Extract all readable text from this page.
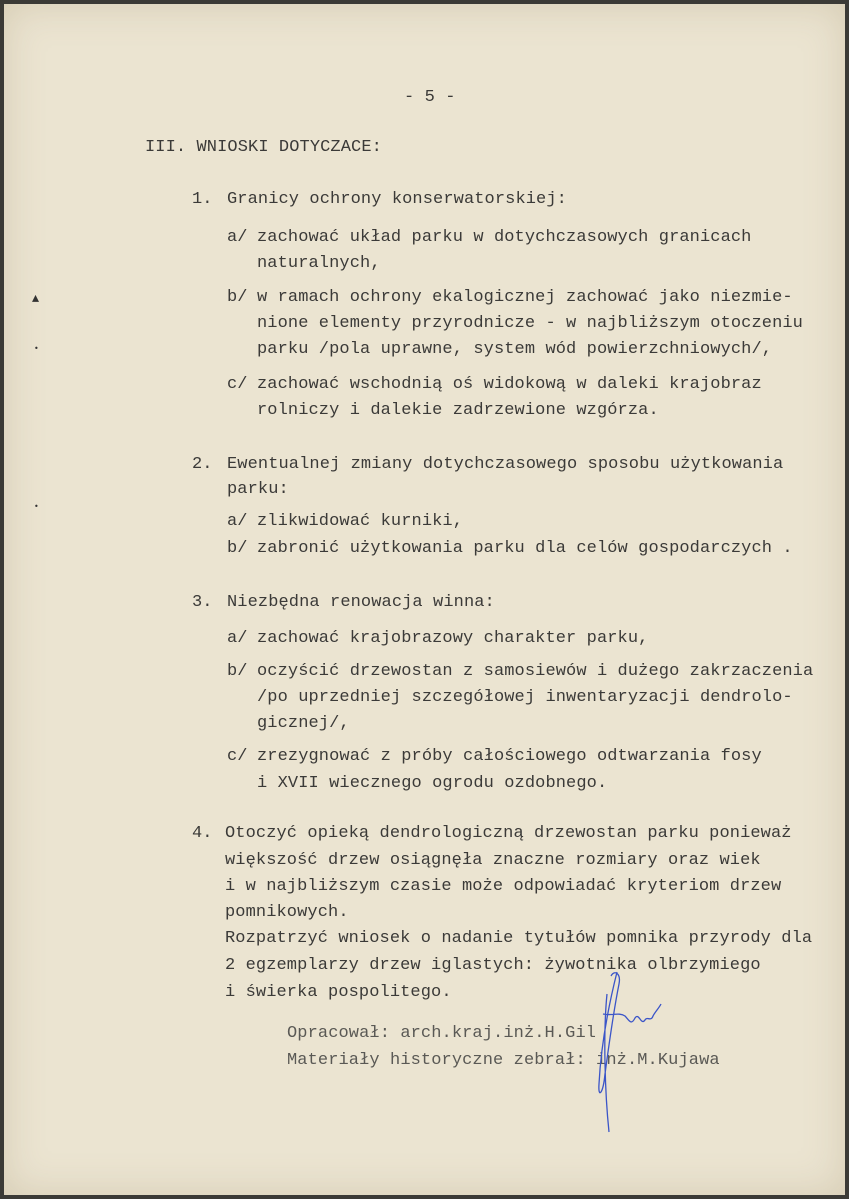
- 5 -
III. WNIOSKI DOTYCZACE:
1. Granicy ochrony konserwatorskiej:
a/ zachować układ parku w dotychczasowych granicach
naturalnych,
b/ w ramach ochrony ekalogicznej zachować jako niezmie-
nione elementy przyrodnicze - w najbliższym otoczeniu
parku /pola uprawne, system wód powierzchniowych/,
c/ zachować wschodnią oś widokową w daleki krajobraz
rolniczy i dalekie zadrzewione wzgórza.
2. Ewentualnej zmiany dotychczasowego sposobu użytkowania
parku:
a/ zlikwidować kurniki,
b/ zabronić użytkowania parku dla celów gospodarczych .
3. Niezbędna renowacja winna:
a/ zachować krajobrazowy charakter parku,
b/ oczyścić drzewostan z samosiewów i dużego zakrzaczenia
/po uprzedniej szczegółowej inwentaryzacji dendrolo-
gicznej/,
c/ zrezygnować z próby całościowego odtwarzania fosy
i XVII wiecznego ogrodu ozdobnego.
4. Otoczyć opieką dendrologiczną drzewostan parku ponieważ
większość drzew osiągnęła znaczne rozmiary oraz wiek
i w najbliższym czasie może odpowiadać kryteriom drzew
pomnikowych.
Rozpatrzyć wniosek o nadanie tytułów pomnika przyrody dla
2 egzemplarzy drzew iglastych: żywotnika olbrzymiego
i świerka pospolitego.
Opracował: arch.kraj.inż.H.Gil
Materiały historyczne zebrał: inż.M.Kujawa
▴
•
•
